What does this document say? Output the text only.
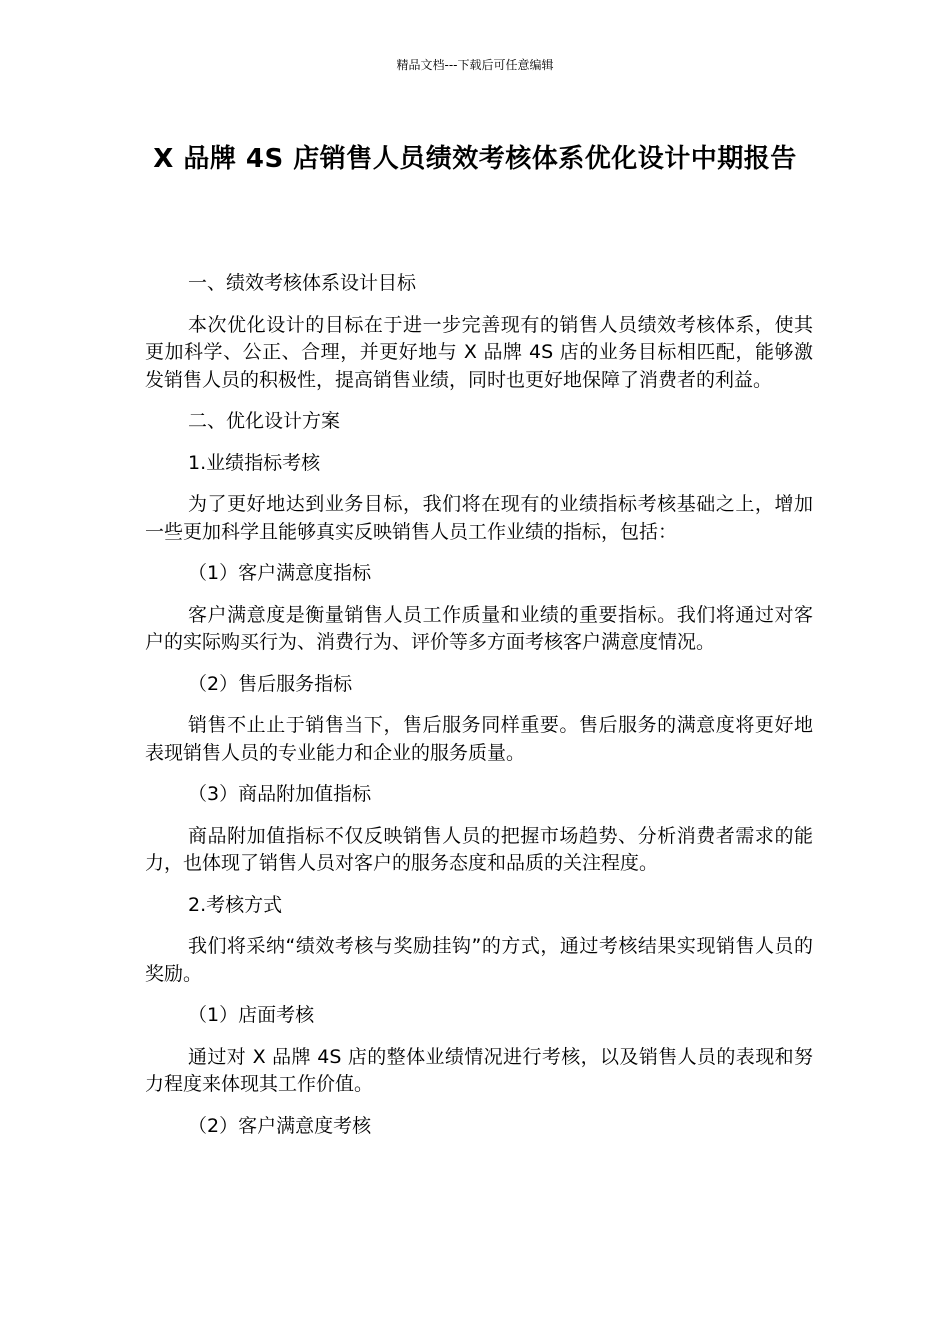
精品文档---下载后可任意编辑
X 品牌 4S 店销售人员绩效考核体系优化设计中期报告

一、绩效考核体系设计目标

本次优化设计的目标在于进一步完善现有的销售人员绩效考核体系，使其更加科学、公正、合理，并更好地与 X 品牌 4S 店的业务目标相匹配，能够激发销售人员的积极性，提高销售业绩，同时也更好地保障了消费者的利益。

二、优化设计方案

1.业绩指标考核

为了更好地达到业务目标，我们将在现有的业绩指标考核基础之上，增加一些更加科学且能够真实反映销售人员工作业绩的指标，包括：

（1）客户满意度指标

客户满意度是衡量销售人员工作质量和业绩的重要指标。我们将通过对客户的实际购买行为、消费行为、评价等多方面考核客户满意度情况。

（2）售后服务指标

销售不止止于销售当下，售后服务同样重要。售后服务的满意度将更好地表现销售人员的专业能力和企业的服务质量。

（3）商品附加值指标

商品附加值指标不仅反映销售人员的把握市场趋势、分析消费者需求的能力，也体现了销售人员对客户的服务态度和品质的关注程度。

2.考核方式

我们将采纳“绩效考核与奖励挂钩”的方式，通过考核结果实现销售人员的奖励。

（1）店面考核

通过对 X 品牌 4S 店的整体业绩情况进行考核，以及销售人员的表现和努力程度来体现其工作价值。

（2）客户满意度考核
